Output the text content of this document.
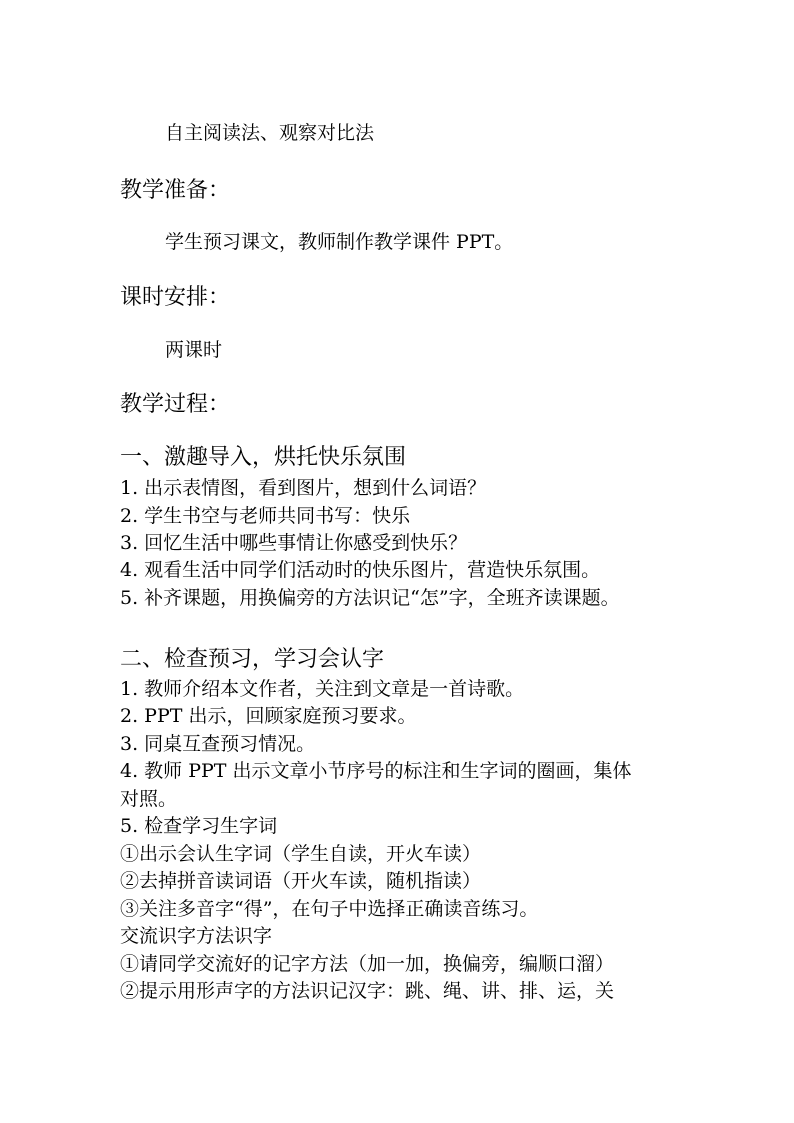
自主阅读法、观察对比法
教学准备：
学生预习课文，教师制作教学课件 PPT。
课时安排：
两课时
教学过程：
一、激趣导入，烘托快乐氛围
1. 出示表情图，看到图片，想到什么词语？
2. 学生书空与老师共同书写：快乐
3. 回忆生活中哪些事情让你感受到快乐？
4. 观看生活中同学们活动时的快乐图片，营造快乐氛围。
5. 补齐课题，用换偏旁的方法识记“怎”字，全班齐读课题。
二、检查预习，学习会认字
1. 教师介绍本文作者，关注到文章是一首诗歌。
2. PPT 出示，回顾家庭预习要求。
3. 同桌互查预习情况。
4. 教师 PPT 出示文章小节序号的标注和生字词的圈画，集体
对照。
5. 检查学习生字词
①出示会认生字词（学生自读，开火车读）
②去掉拼音读词语（开火车读，随机指读）
③关注多音字“得”，在句子中选择正确读音练习。
交流识字方法识字
①请同学交流好的记字方法（加一加，换偏旁，编顺口溜）
②提示用形声字的方法识记汉字：跳、绳、讲、排、运，关
